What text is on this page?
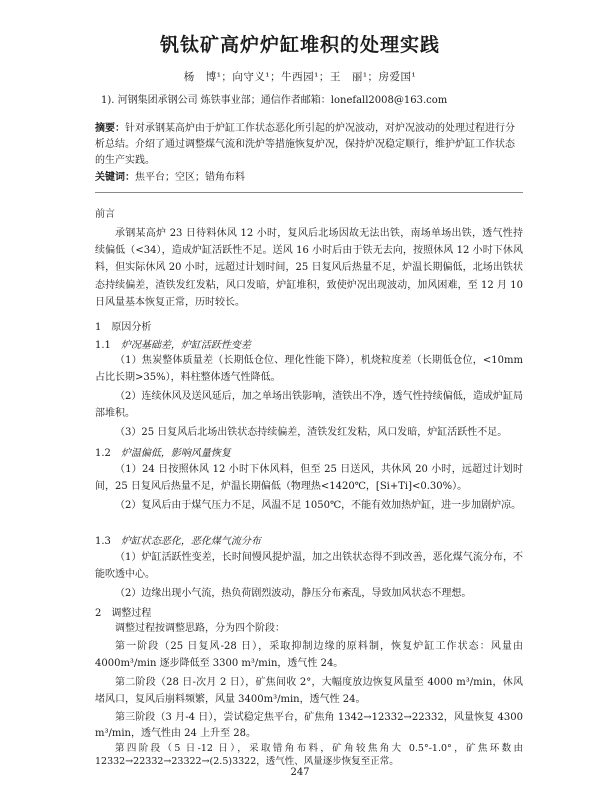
钒钛矿高炉炉缸堆积的处理实践
杨　博¹；向守义¹；牛西园¹；王　丽¹；房爱国¹
1). 河钢集团承钢公司 炼铁事业部；通信作者邮箱：lonefall2008@163.com
摘要：针对承钢某高炉由于炉缸工作状态恶化所引起的炉况波动，对炉况波动的处理过程进行分析总结。介绍了通过调整煤气流和洗炉等措施恢复炉况，保持炉况稳定顺行，维护炉缸工作状态的生产实践。
关键词：焦平台；空区；错角布料
前言
承钢某高炉 23 日待料休风 12 小时，复风后北场因故无法出铁，南场单场出铁，透气性持续偏低（<34），造成炉缸活跃性不足。送风 16 小时后由于铁无去向，按照休风 12 小时下休风料，但实际休风 20 小时，远超过计划时间，25 日复风后热量不足，炉温长期偏低，北场出铁状态持续偏差，渣铁发红发粘，风口发暗，炉缸堆积，致使炉况出现波动，加风困难，至 12 月 10 日风量基本恢复正常，历时较长。
1　原因分析
1.1 炉况基础差，炉缸活跃性变差
（1）焦炭整体质量差（长期低仓位、理化性能下降），机烧粒度差（长期低仓位，<10mm 占比长期>35%），料柱整体透气性降低。
（2）连续休风及送风延后，加之单场出铁影响，渣铁出不净，透气性持续偏低，造成炉缸局部堆积。
（3）25 日复风后北场出铁状态持续偏差，渣铁发红发粘，风口发暗，炉缸活跃性不足。
1.2 炉温偏低，影响风量恢复
（1）24 日按照休风 12 小时下休风料，但至 25 日送风，共休风 20 小时，远超过计划时间，25 日复风后热量不足，炉温长期偏低（物理热<1420℃，[Si+Ti]<0.30%）。
（2）复风后由于煤气压力不足，风温不足 1050℃，不能有效加热炉缸，进一步加剧炉凉。
1.3 炉缸状态恶化，恶化煤气流分布
（1）炉缸活跃性变差，长时间慢风提炉温，加之出铁状态得不到改善，恶化煤气流分布，不能吹透中心。
（2）边缘出现小气流，热负荷剧烈波动，静压分布紊乱，导致加风状态不理想。
2　调整过程
调整过程按调整思路，分为四个阶段：
第一阶段（25 日复风-28 日），采取抑制边缘的原料制，恢复炉缸工作状态：风量由 4000m³/min 逐步降低至 3300 m³/min，透气性 24。
第二阶段（28 日-次月 2 日），矿焦间收 2°，大幅度放边恢复风量至 4000 m³/min，休风堵风口，复风后崩料频繁，风量 3400m³/min，透气性 24。
第三阶段（3 月-4 日），尝试稳定焦平台，矿焦角 1342→12332→22332，风量恢复 4300 m³/min，透气性由 24 上升至 28。
247
第四阶段（5 日-12 日），采取错角布料，矿角较焦角大 0.5°-1.0°，矿焦环数由 12332→22332→23322→(2.5)3322，透气性、风量逐步恢复至正常。
